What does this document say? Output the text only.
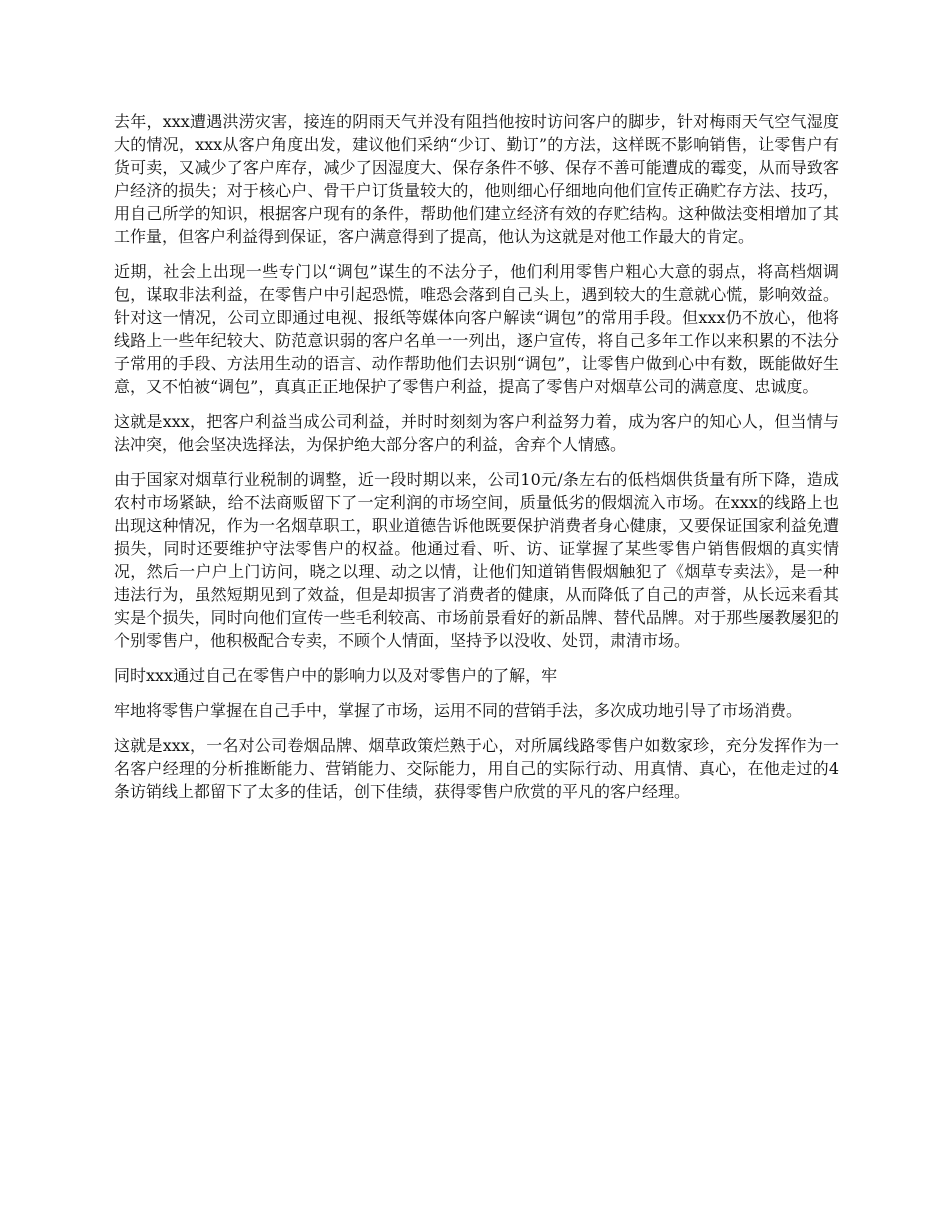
去年，xxx遭遇洪涝灾害，接连的阴雨天气并没有阻挡他按时访问客户的脚步，针对梅雨天气空气湿度大的情况，xxx从客户角度出发，建议他们采纳“少订、勤订”的方法，这样既不影响销售，让零售户有货可卖，又减少了客户库存，减少了因湿度大、保存条件不够、保存不善可能遭成的霉变，从而导致客户经济的损失；对于核心户、骨干户订货量较大的，他则细心仔细地向他们宣传正确贮存方法、技巧，用自己所学的知识，根据客户现有的条件，帮助他们建立经济有效的存贮结构。这种做法变相增加了其工作量，但客户利益得到保证，客户满意得到了提高，他认为这就是对他工作最大的肯定。

近期，社会上出现一些专门以“调包”谋生的不法分子，他们利用零售户粗心大意的弱点，将高档烟调包，谋取非法利益，在零售户中引起恐慌，唯恐会落到自己头上，遇到较大的生意就心慌，影响效益。针对这一情况，公司立即通过电视、报纸等媒体向客户解读“调包”的常用手段。但xxx仍不放心，他将线路上一些年纪较大、防范意识弱的客户名单一一列出，逐户宣传，将自己多年工作以来积累的不法分子常用的手段、方法用生动的语言、动作帮助他们去识别“调包”，让零售户做到心中有数，既能做好生意，又不怕被“调包”，真真正正地保护了零售户利益，提高了零售户对烟草公司的满意度、忠诚度。

这就是xxx，把客户利益当成公司利益，并时时刻刻为客户利益努力着，成为客户的知心人，但当情与法冲突，他会坚决选择法，为保护绝大部分客户的利益，舍弃个人情感。

由于国家对烟草行业税制的调整，近一段时期以来，公司10元/条左右的低档烟供货量有所下降，造成农村市场紧缺，给不法商贩留下了一定利润的市场空间，质量低劣的假烟流入市场。在xxx的线路上也出现这种情况，作为一名烟草职工，职业道德告诉他既要保护消费者身心健康，又要保证国家利益免遭损失，同时还要维护守法零售户的权益。他通过看、听、访、证掌握了某些零售户销售假烟的真实情况，然后一户户上门访问，晓之以理、动之以情，让他们知道销售假烟触犯了《烟草专卖法》，是一种违法行为，虽然短期见到了效益，但是却损害了消费者的健康，从而降低了自己的声誉，从长远来看其实是个损失，同时向他们宣传一些毛利较高、市场前景看好的新品牌、替代品牌。对于那些屡教屡犯的个别零售户，他积极配合专卖，不顾个人情面，坚持予以没收、处罚，肃清市场。

同时xxx通过自己在零售户中的影响力以及对零售户的了解，牢

牢地将零售户掌握在自己手中，掌握了市场，运用不同的营销手法，多次成功地引导了市场消费。

这就是xxx，一名对公司卷烟品牌、烟草政策烂熟于心，对所属线路零售户如数家珍，充分发挥作为一名客户经理的分析推断能力、营销能力、交际能力，用自己的实际行动、用真情、真心，在他走过的4条访销线上都留下了太多的佳话，创下佳绩，获得零售户欣赏的平凡的客户经理。
